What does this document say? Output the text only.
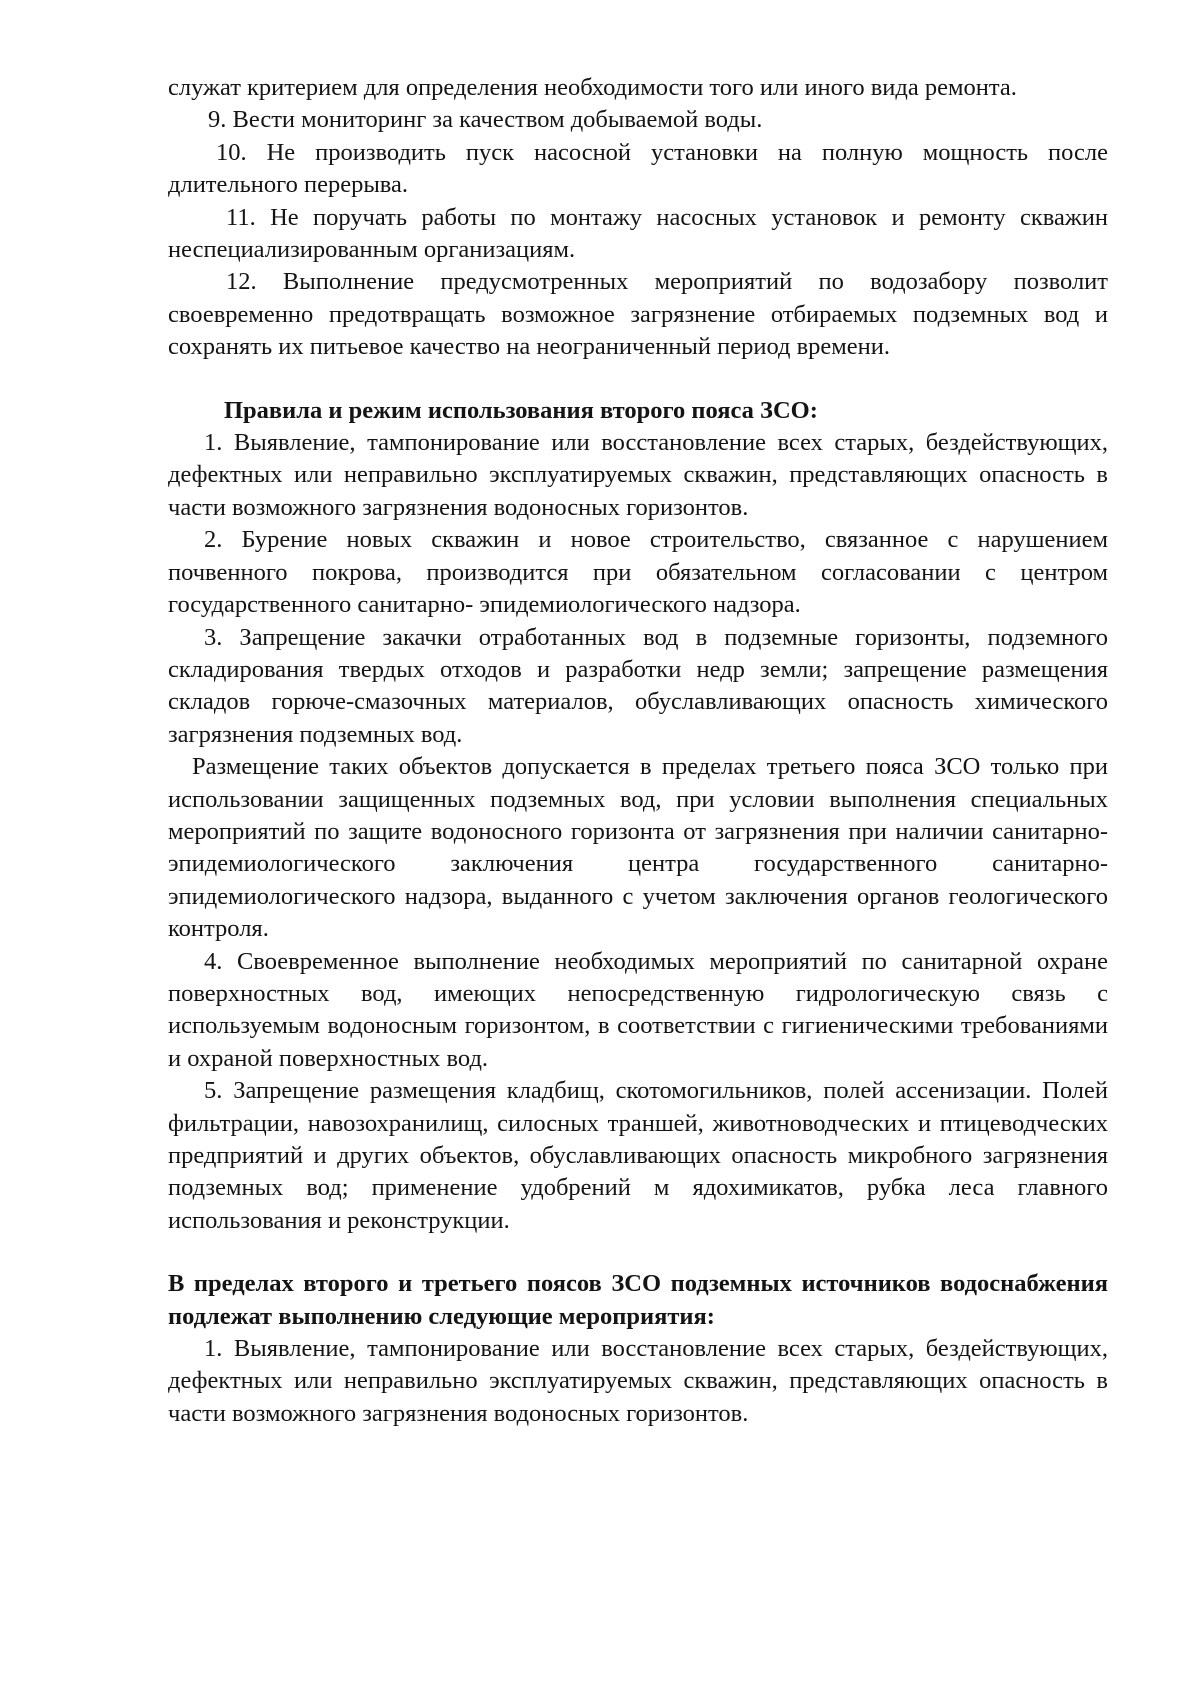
служат критерием для определения необходимости того или иного вида ремонта.

9. Вести мониторинг за качеством добываемой воды.

10. Не производить пуск насосной установки на полную мощность после длительного перерыва.

11. Не поручать работы по монтажу насосных установок и ремонту скважин неспециализированным организациям.

12. Выполнение предусмотренных мероприятий по водозабору позволит своевременно предотвращать возможное загрязнение отбираемых подземных вод и сохранять их питьевое качество на неограниченный период времени.

Правила и режим использования второго пояса ЗСО:

1. Выявление, тампонирование или восстановление всех старых, бездействующих, дефектных или неправильно эксплуатируемых скважин, представляющих опасность в части возможного загрязнения водоносных горизонтов.

2. Бурение новых скважин и новое строительство, связанное с нарушением почвенного покрова, производится при обязательном согласовании с центром государственного санитарно- эпидемиологического надзора.

3. Запрещение закачки отработанных вод в подземные горизонты, подземного складирования твердых отходов и разработки недр земли; запрещение размещения складов горюче-смазочных материалов, обуславливающих опасность химического загрязнения подземных вод.

Размещение таких объектов допускается в пределах третьего пояса ЗСО только при использовании защищенных подземных вод, при условии выполнения специальных мероприятий по защите водоносного горизонта от загрязнения при наличии санитарно-эпидемиологического заключения центра государственного санитарно-эпидемиологического надзора, выданного с учетом заключения органов геологического контроля.

4. Своевременное выполнение необходимых мероприятий по санитарной охране поверхностных вод, имеющих непосредственную гидрологическую связь с используемым водоносным горизонтом, в соответствии с гигиеническими требованиями и охраной поверхностных вод.

5. Запрещение размещения кладбищ, скотомогильников, полей ассенизации. Полей фильтрации, навозохранилищ, силосных траншей, животноводческих и птицеводческих предприятий и других объектов, обуславливающих опасность микробного загрязнения подземных вод; применение удобрений м ядохимикатов, рубка леса главного использования и реконструкции.

В пределах второго и третьего поясов ЗСО подземных источников водоснабжения подлежат выполнению следующие мероприятия:

1. Выявление, тампонирование или восстановление всех старых, бездействующих, дефектных или неправильно эксплуатируемых скважин, представляющих опасность в части возможного загрязнения водоносных горизонтов.
